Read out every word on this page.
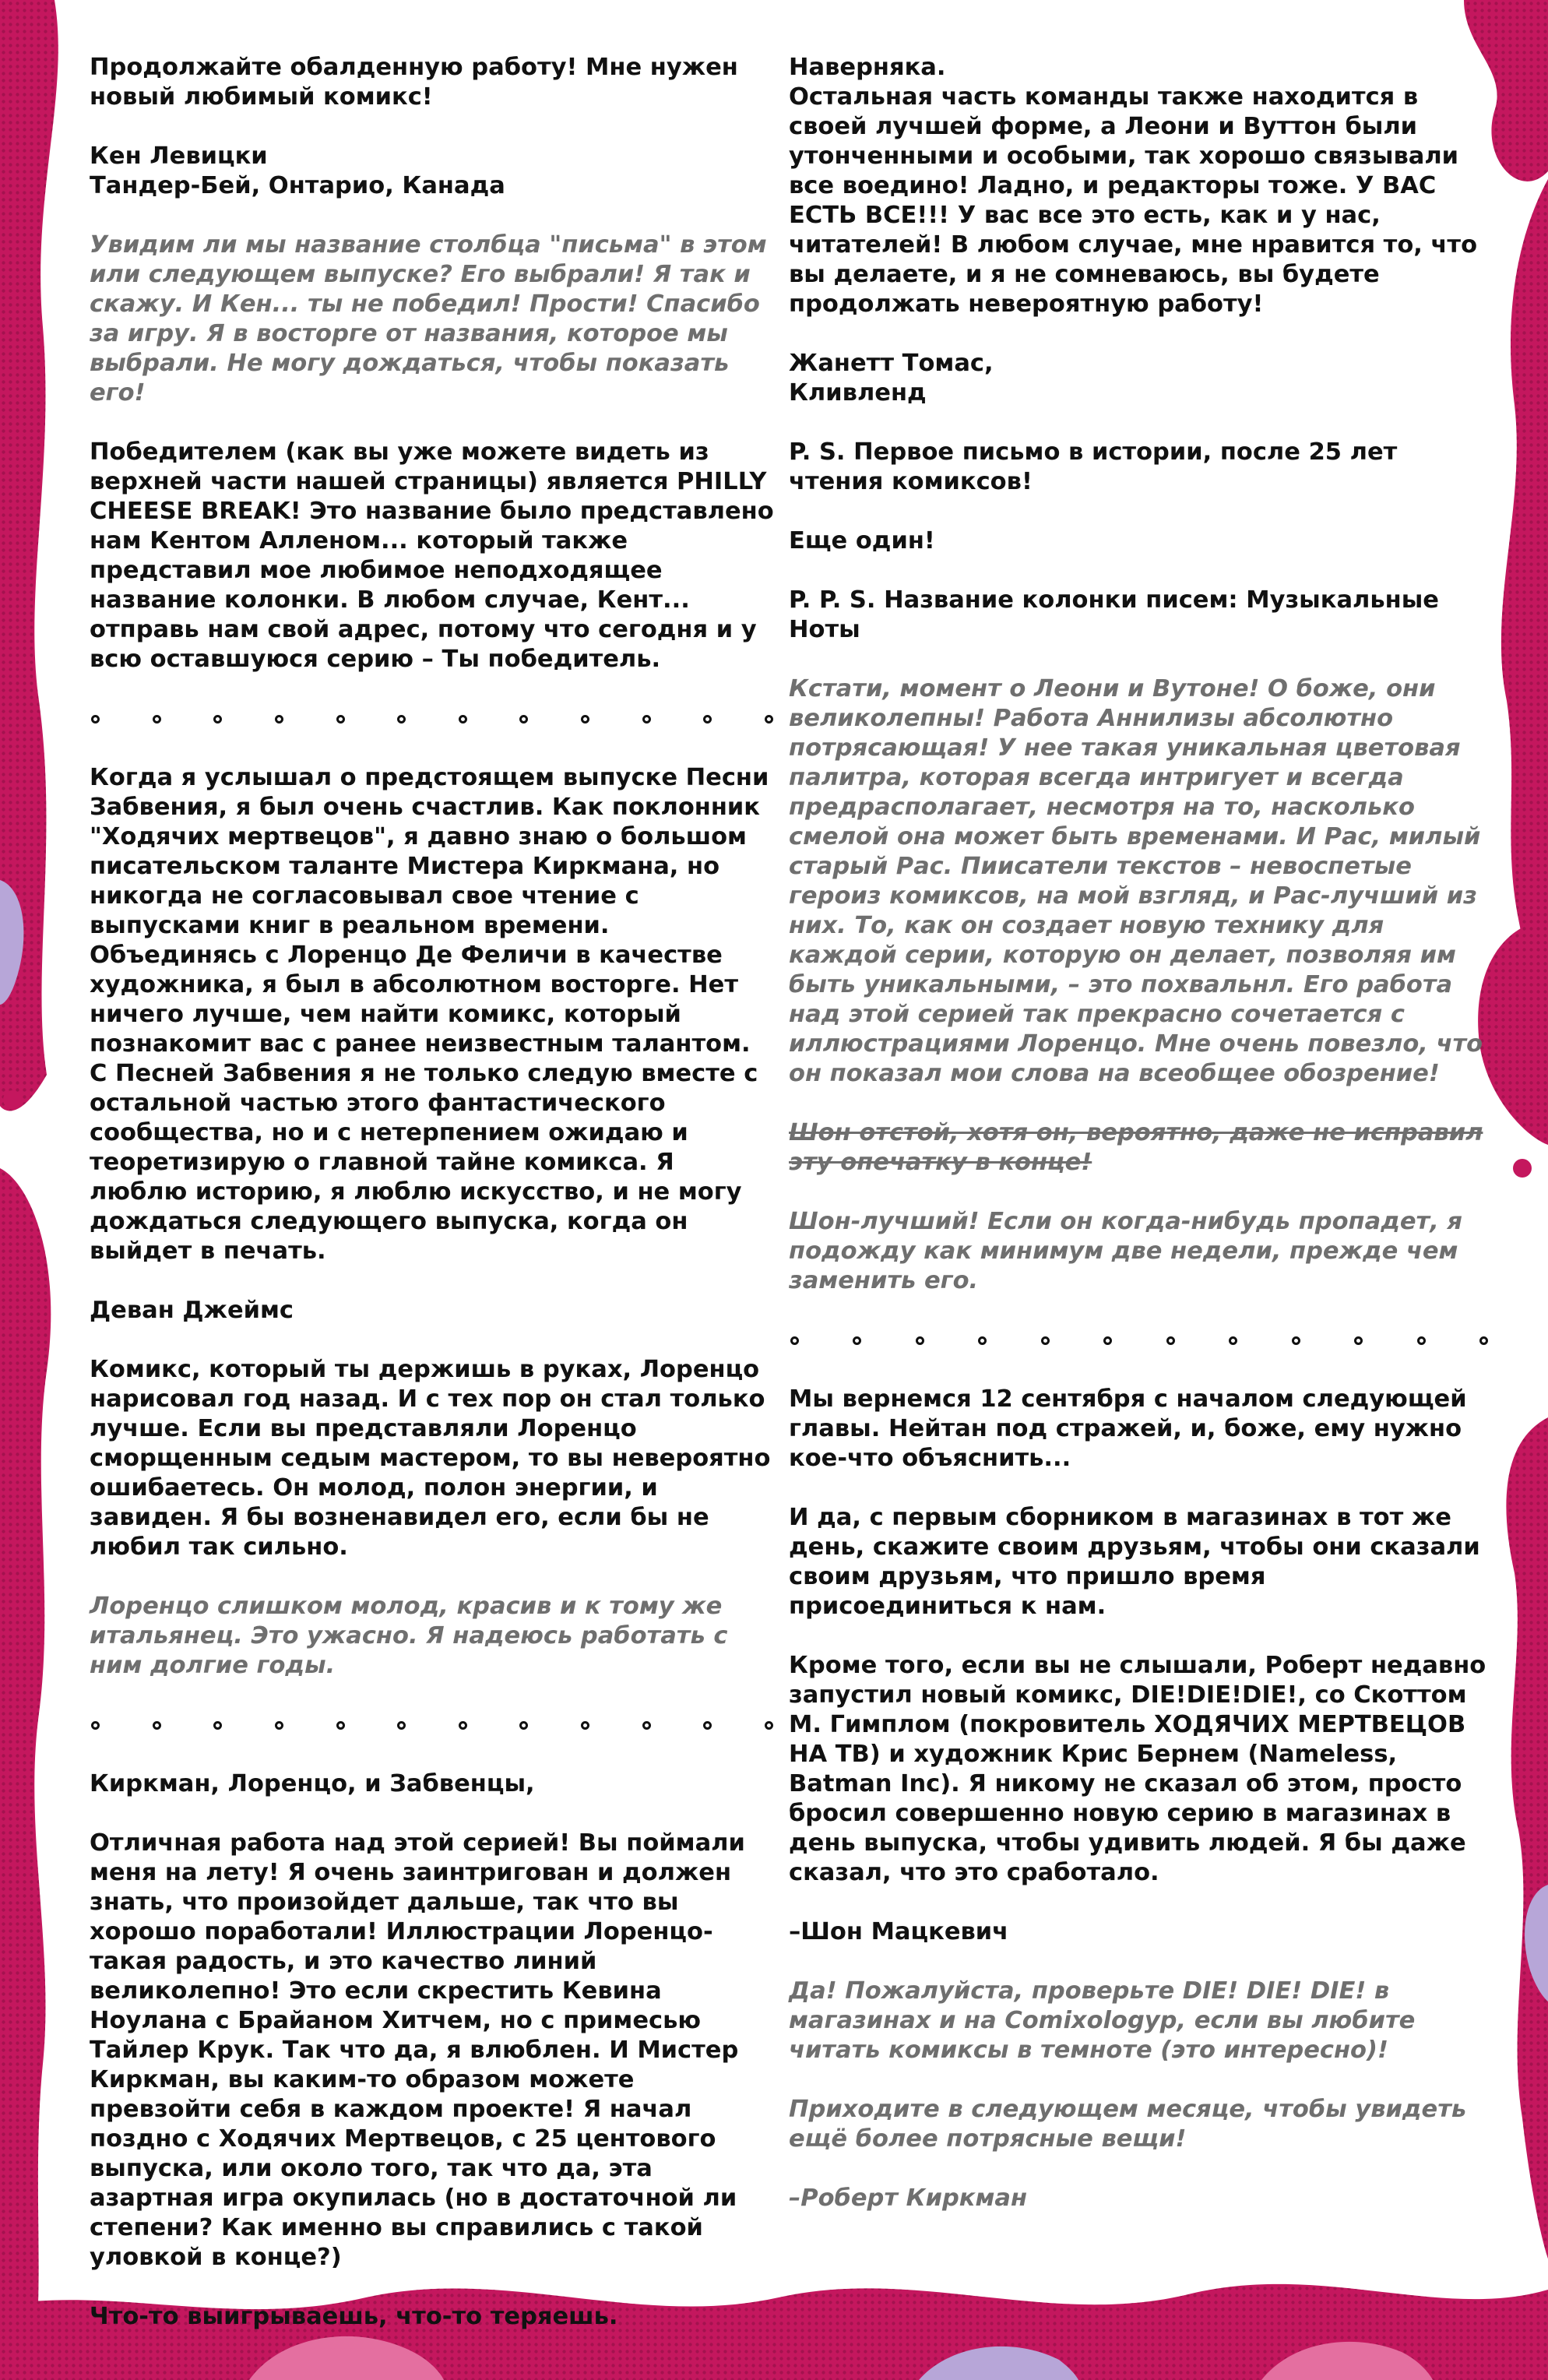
Продолжайте обалденную работу! Мне нужен новый любимый комикс!

Кен Левицки

Тандер-Бей, Онтарио, Канада

Увидим ли мы название столбца "письма" в этом или следующем выпуске? Его выбрали! Я так и скажу. И Кен... ты не победил! Прости! Спасибо за игру. Я в восторге от названия, которое мы выбрали. Не могу дождаться, чтобы показать его!

Победителем (как вы уже можете видеть из верхней части нашей страницы) является PHILLY CHEESE BREAK! Это название было представлено нам Кентом Алленом... который также представил мое любимое неподходящее название колонки. В любом случае, Кент... отправь нам свой адрес, потому что сегодня и у всю оставшуюся серию – Ты победитель.

Когда я услышал о предстоящем выпуске Песни Забвения, я был очень счастлив. Как поклонник "Ходячих мертвецов", я давно знаю о большом писательском таланте Мистера Киркмана, но никогда не согласовывал свое чтение с выпусками книг в реальном времени. Объединясь с Лоренцо Де Феличи в качестве художника, я был в абсолютном восторге. Нет ничего лучше, чем найти комикс, который познакомит вас с ранее неизвестным талантом. С Песней Забвения я не только следую вместе с остальной частью этого фантастического сообщества, но и с нетерпением ожидаю и теоретизирую о главной тайне комикса. Я люблю историю, я люблю искусство, и не могу дождаться следующего выпуска, когда он выйдет в печать.

Деван Джеймс

Комикс, который ты держишь в руках, Лоренцо нарисовал год назад. И с тех пор он стал только лучше. Если вы представляли Лоренцо сморщенным седым мастером, то вы невероятно ошибаетесь. Он молод, полон энергии, и завиден. Я бы возненавидел его, если бы не любил так сильно.

Лоренцо слишком молод, красив и к тому же итальянец. Это ужасно. Я надеюсь работать с ним долгие годы.

Киркман, Лоренцо, и Забвенцы,

Отличная работа над этой серией! Вы поймали меня на лету! Я очень заинтригован и должен знать, что произойдет дальше, так что вы хорошо поработали! Иллюстрации Лоренцо-такая радость, и это качество линий великолепно! Это если скрестить Кевина Ноулана с Брайаном Хитчем, но с примесью Тайлер Крук. Так что да, я влюблен. И Мистер Киркман, вы каким-то образом можете превзойти себя в каждом проекте! Я начал поздно с Ходячих Мертвецов, с 25 центового выпуска, или около того, так что да, эта азартная игра окупилась (но в достаточной ли степени? Как именно вы справились с такой уловкой в конце?)

Что-то выигрываешь, что-то теряешь.

Наверняка.

Остальная часть команды также находится в своей лучшей форме, а Леони и Вуттон были утонченными и особыми, так хорошо связывали все воедино! Ладно, и редакторы тоже. У ВАС ЕСТЬ ВСЕ!!! У вас все это есть, как и у нас, читателей! В любом случае, мне нравится то, что вы делаете, и я не сомневаюсь, вы будете продолжать невероятную работу!

Жанетт Томас,

Кливленд

P. S. Первое письмо в истории, после 25 лет чтения комиксов!

Еще один!

P. P. S. Название колонки писем: Музыкальные Ноты

Кстати, момент о Леони и Вутоне! О боже, они великолепны! Работа Аннилизы абсолютно потрясающая! У нее такая уникальная цветовая палитра, которая всегда интригует и всегда предрасполагает, несмотря на то, насколько смелой она может быть временами. И Рас, милый старый Рас. Пиисатели текстов – невоспетые героиз комиксов, на мой взгляд, и Рас-лучший из них. То, как он создает новую технику для каждой серии, которую он делает, позволяя им быть уникальными, – это похвальнл. Его работа над этой серией так прекрасно сочетается с иллюстрациями Лоренцо. Мне очень повезло, что он показал мои слова на всеобщее обозрение!

Шон отстой, хотя он, вероятно, даже не исправил эту опечатку в конце!

Шон-лучший! Если он когда-нибудь пропадет, я подожду как минимум две недели, прежде чем заменить его.

Мы вернемся 12 сентября с началом следующей главы. Нейтан под стражей, и, боже, ему нужно кое-что объяснить...

И да, с первым сборником в магазинах в тот же день, скажите своим друзьям, чтобы они сказали своим друзьям, что пришло время присоединиться к нам.

Кроме того, если вы не слышали, Роберт недавно запустил новый комикс, DIE!DIE!DIE!, со Скоттом М. Гимплом (покровитель ХОДЯЧИХ МЕРТВЕЦОВ НА ТВ) и художник Крис Бернем (Nameless, Batman Inc). Я никому не сказал об этом, просто бросил совершенно новую серию в магазинах в день выпуска, чтобы удивить людей. Я бы даже сказал, что это сработало.

–Шон Мацкевич

Да! Пожалуйста, проверьте DIE! DIE! DIE! в магазинах и на Comixologyр, если вы любите читать комиксы в темноте (это интересно)!

Приходите в следующем месяце, чтобы увидеть ещё более потрясные вещи!

–Роберт Киркман
